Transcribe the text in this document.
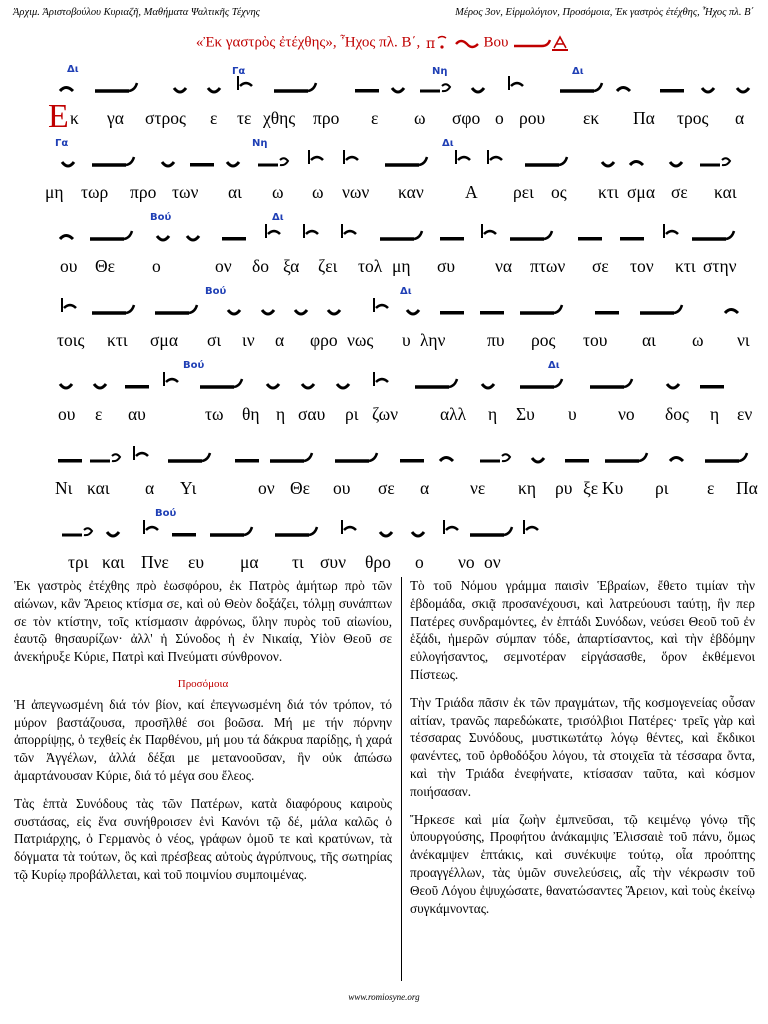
Ἀρχιμ. Ἀριστοβούλου Κυριαζῆ, Μαθήματα Ψαλτικῆς Τέχνης	Μέρος 3ον, Εἱρμολόγιον, Προσόμοια, Ἐκ γαστρὸς ἐτέχθης, Ἦχος πλ. Β΄
«Ἐκ γαστρὸς ἐτέχθης», Ἦχος πλ. Β΄, π	Βου
Δι	Γα	Νη	Δι
Ε κ γα στρος ε τε χθης προ ε ω σφο ο ρου εκ Πα τρος α
Γα	Νη	Δι
μη τωρ προ των αι ω ω νων καν Α ρει ος κτι σμα σε και
Βού	Δι
ου Θε ο	ον δο ξα ζει τολ μη συ να πτων σε τον κτι στην
Βού	Δι
τοις κτι σμα σι ιν α φρο νως υ λην πυ ρος του αι ω νι
Βού	Δι
ου ε αυ	τω θη η σαυ ρι ζων αλλ η Συ υ νο δος η εν
Νι και α Υι	ον Θε ου σε α νε κη ρυ ξε Κυ ρι ε Πα
Βού
τρι και Πνε ευ μα τι συν θρο ο νο ον

Ἐκ γαστρὸς ἐτέχθης πρὸ ἑωσφόρου, ἐκ Πατρὸς ἀμήτωρ πρὸ τῶν αἰώνων, κἂν Ἄρειος κτίσμα σε, καὶ οὐ Θεὸν δοξάζει, τόλμῃ συνάπτων σε τὸν κτίστην, τοῖς κτίσμασιν ἀφρόνως, ὕλην πυρὸς τοῦ αἰωνίου, ἑαυτῷ θησαυρίζων· ἀλλ' ἡ Σύνοδος ἡ ἐν Νικαίᾳ, Υἱὸν Θεοῦ σε ἀνεκήρυξε Κύριε, Πατρὶ καὶ Πνεύματι σύνθρονον.

Προσόμοια

Ἡ ἀπεγνωσμένη διά τόν βίον, καί ἐπεγνωσμένη διά τόν τρόπον, τό μύρον βαστάζουσα, προσῆλθέ σοι βοῶσα. Μή με τήν πόρνην ἀπορρίψῃς, ὁ τεχθείς ἐκ Παρθένου, μή μου τά δάκρυα παρίδῃς, ἡ χαρά τῶν Ἀγγέλων, ἀλλά δέξαι με μετανοοῦσαν, ἣν οὐκ ἀπώσω ἁμαρτάνουσαν Κύριε, διά τό μέγα σου ἔλεος.

Τὰς ἑπτὰ Συνόδους τὰς τῶν Πατέρων, κατὰ διαφόρους καιροὺς συστάσας, εἰς ἕνα συνήθροισεν ἑνὶ Κανόνι τῷ δέ, μάλα καλῶς ὁ Πατριάρχης, ὁ Γερμανὸς ὁ νέος, γράφων ὁμοῦ τε καὶ κρατύνων, τὰ δόγματα τὰ τούτων, ὃς καὶ πρέσβεας αὐτοὺς ἀγρύπνους, τῆς σωτηρίας τῷ Κυρίῳ προβάλλεται, καὶ τοῦ ποιμνίου συμποιμένας.

Τὸ τοῦ Νόμου γράμμα παισὶν Ἑβραίων, ἔθετο τιμίαν τὴν ἑβδομάδα, σκιᾷ προσανέχουσι, καὶ λατρεύουσι ταύτῃ, ἣν περ Πατέρες συνδραμόντες, ἐν ἑπτάδι Συνόδων, νεύσει Θεοῦ τοῦ ἐν ἑξάδι, ἡμερῶν σύμπαν τόδε, ἀπαρτίσαντος, καὶ τὴν ἑβδόμην εὐλογήσαντος, σεμνοτέραν εἰργάσασθε, ὅρον ἐκθέμενοι Πίστεως.

Τὴν Τριάδα πᾶσιν ἐκ τῶν πραγμάτων, τῆς κοσμογενείας οὖσαν αἰτίαν, τρανῶς παρεδώκατε, τρισόλβιοι Πατέρες· τρεῖς γὰρ καὶ τέσσαρας Συνόδους, μυστικωτάτῳ λόγῳ θέντες, καὶ ἔκδικοι φανέντες, τοῦ ὀρθοδόξου λόγου, τὰ στοιχεῖα τὰ τέσσαρα ὄντα, καὶ τὴν Τριάδα ἐνεφήνατε, κτίσασαν ταῦτα, καὶ κόσμον ποιήσασαν.

Ἤρκεσε καὶ μία ζωὴν ἐμπνεῦσαι, τῷ κειμένῳ γόνῳ τῆς ὑπουργούσης, Προφήτου ἀνάκαμψις Ἐλισσαιὲ τοῦ πάνυ, ὅμως ἀνέκαμψεν ἑπτάκις, καὶ συνέκυψε τούτῳ, οἷα προόπτης προαγγέλλων, τὰς ὑμῶν συνελεύσεις, αἷς τὴν νέκρωσιν τοῦ Θεοῦ Λόγου ἐψυχώσατε, θανατώσαντες Ἄρειον, καὶ τοὺς ἐκείνῳ συγκάμνοντας.

www.romiosyne.org
